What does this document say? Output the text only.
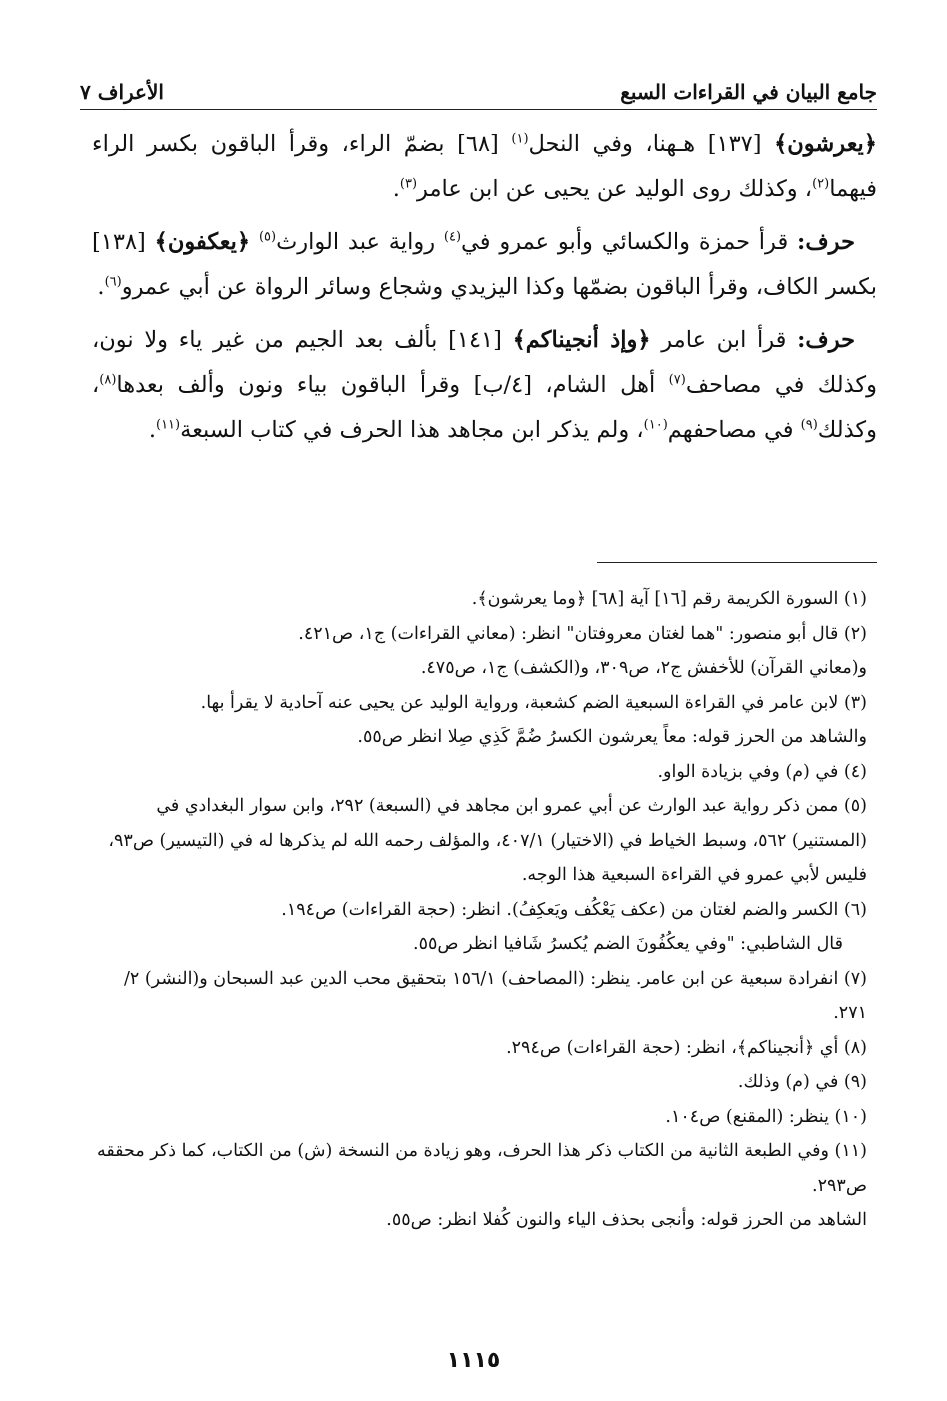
جامع البيان في القراءات السبع
الأعراف ٧

﴿يعرشون﴾ [١٣٧] هـهنا، وفي النحل$^{(١)}$ [٦٨] بضمّ الراء، وقرأ الباقون بكسر الراء فيهما$^{(٢)}$، وكذلك روى الوليد عن يحيى عن ابن عامر$^{(٣)}$.

حرف: قرأ حمزة والكسائي وأبو عمرو في$^{(٤)}$ رواية عبد الوارث$^{(٥)}$ ﴿يعكفون﴾ [١٣٨] بكسر الكاف، وقرأ الباقون بضمّها وكذا اليزيدي وشجاع وسائر الرواة عن أبي عمرو$^{(٦)}$.

حرف: قرأ ابن عامر ﴿وإذ أنجيناكم﴾ [١٤١] بألف بعد الجيم من غير ياء ولا نون، وكذلك في مصاحف$^{(٧)}$ أهل الشام، [٤/ب] وقرأ الباقون بياء ونون وألف بعدها$^{(٨)}$، وكذلك$^{(٩)}$ في مصاحفهم$^{(١٠)}$، ولم يذكر ابن مجاهد هذا الحرف في كتاب السبعة$^{(١١)}$.

(١) السورة الكريمة رقم [١٦] آية [٦٨] ﴿وما يعرشون﴾.

(٢) قال أبو منصور: "هما لغتان معروفتان" انظر: (معاني القراءات) ج١، ص٤٢١.

و(معاني القرآن) للأخفش ج٢، ص٣٠٩، و(الكشف) ج١، ص٤٧٥.

(٣) لابن عامر في القراءة السبعية الضم كشعبة، ورواية الوليد عن يحيى عنه آحادية لا يقرأ بها.

والشاهد من الحرز قوله: معاً يعرشون الكسرُ ضُمَّ كَذِي صِلا انظر ص٥٥.

(٤) في (م) وفي بزيادة الواو.

(٥) ممن ذكر رواية عبد الوارث عن أبي عمرو ابن مجاهد في (السبعة) ٢٩٢، وابن سوار البغدادي في (المستنير) ٥٦٢، وسبط الخياط في (الاختيار) ٤٠٧/١، والمؤلف رحمه الله لم يذكرها له في (التيسير) ص٩٣، فليس لأبي عمرو في القراءة السبعية هذا الوجه.

(٦) الكسر والضم لغتان من (عكف يَعْكُف ويَعكِفُ). انظر: (حجة القراءات) ص١٩٤.

قال الشاطبي: "وفي يعكُفُونَ الضم يُكسرُ شَافيا انظر ص٥٥.

(٧) انفرادة سبعية عن ابن عامر. ينظر: (المصاحف) ١٥٦/١ بتحقيق محب الدين عبد السبحان و(النشر) ٢/ ٢٧١.

(٨) أي ﴿أنجيناكم﴾، انظر: (حجة القراءات) ص٢٩٤.

(٩) في (م) وذلك.

(١٠) ينظر: (المقنع) ص١٠٤.

(١١) وفي الطبعة الثانية من الكتاب ذكر هذا الحرف، وهو زيادة من النسخة (ش) من الكتاب، كما ذكر محققه ص٢٩٣.

الشاهد من الحرز قوله: وأنجى بحذف الياء والنون كُفلا انظر: ص٥٥.

١١١٥
